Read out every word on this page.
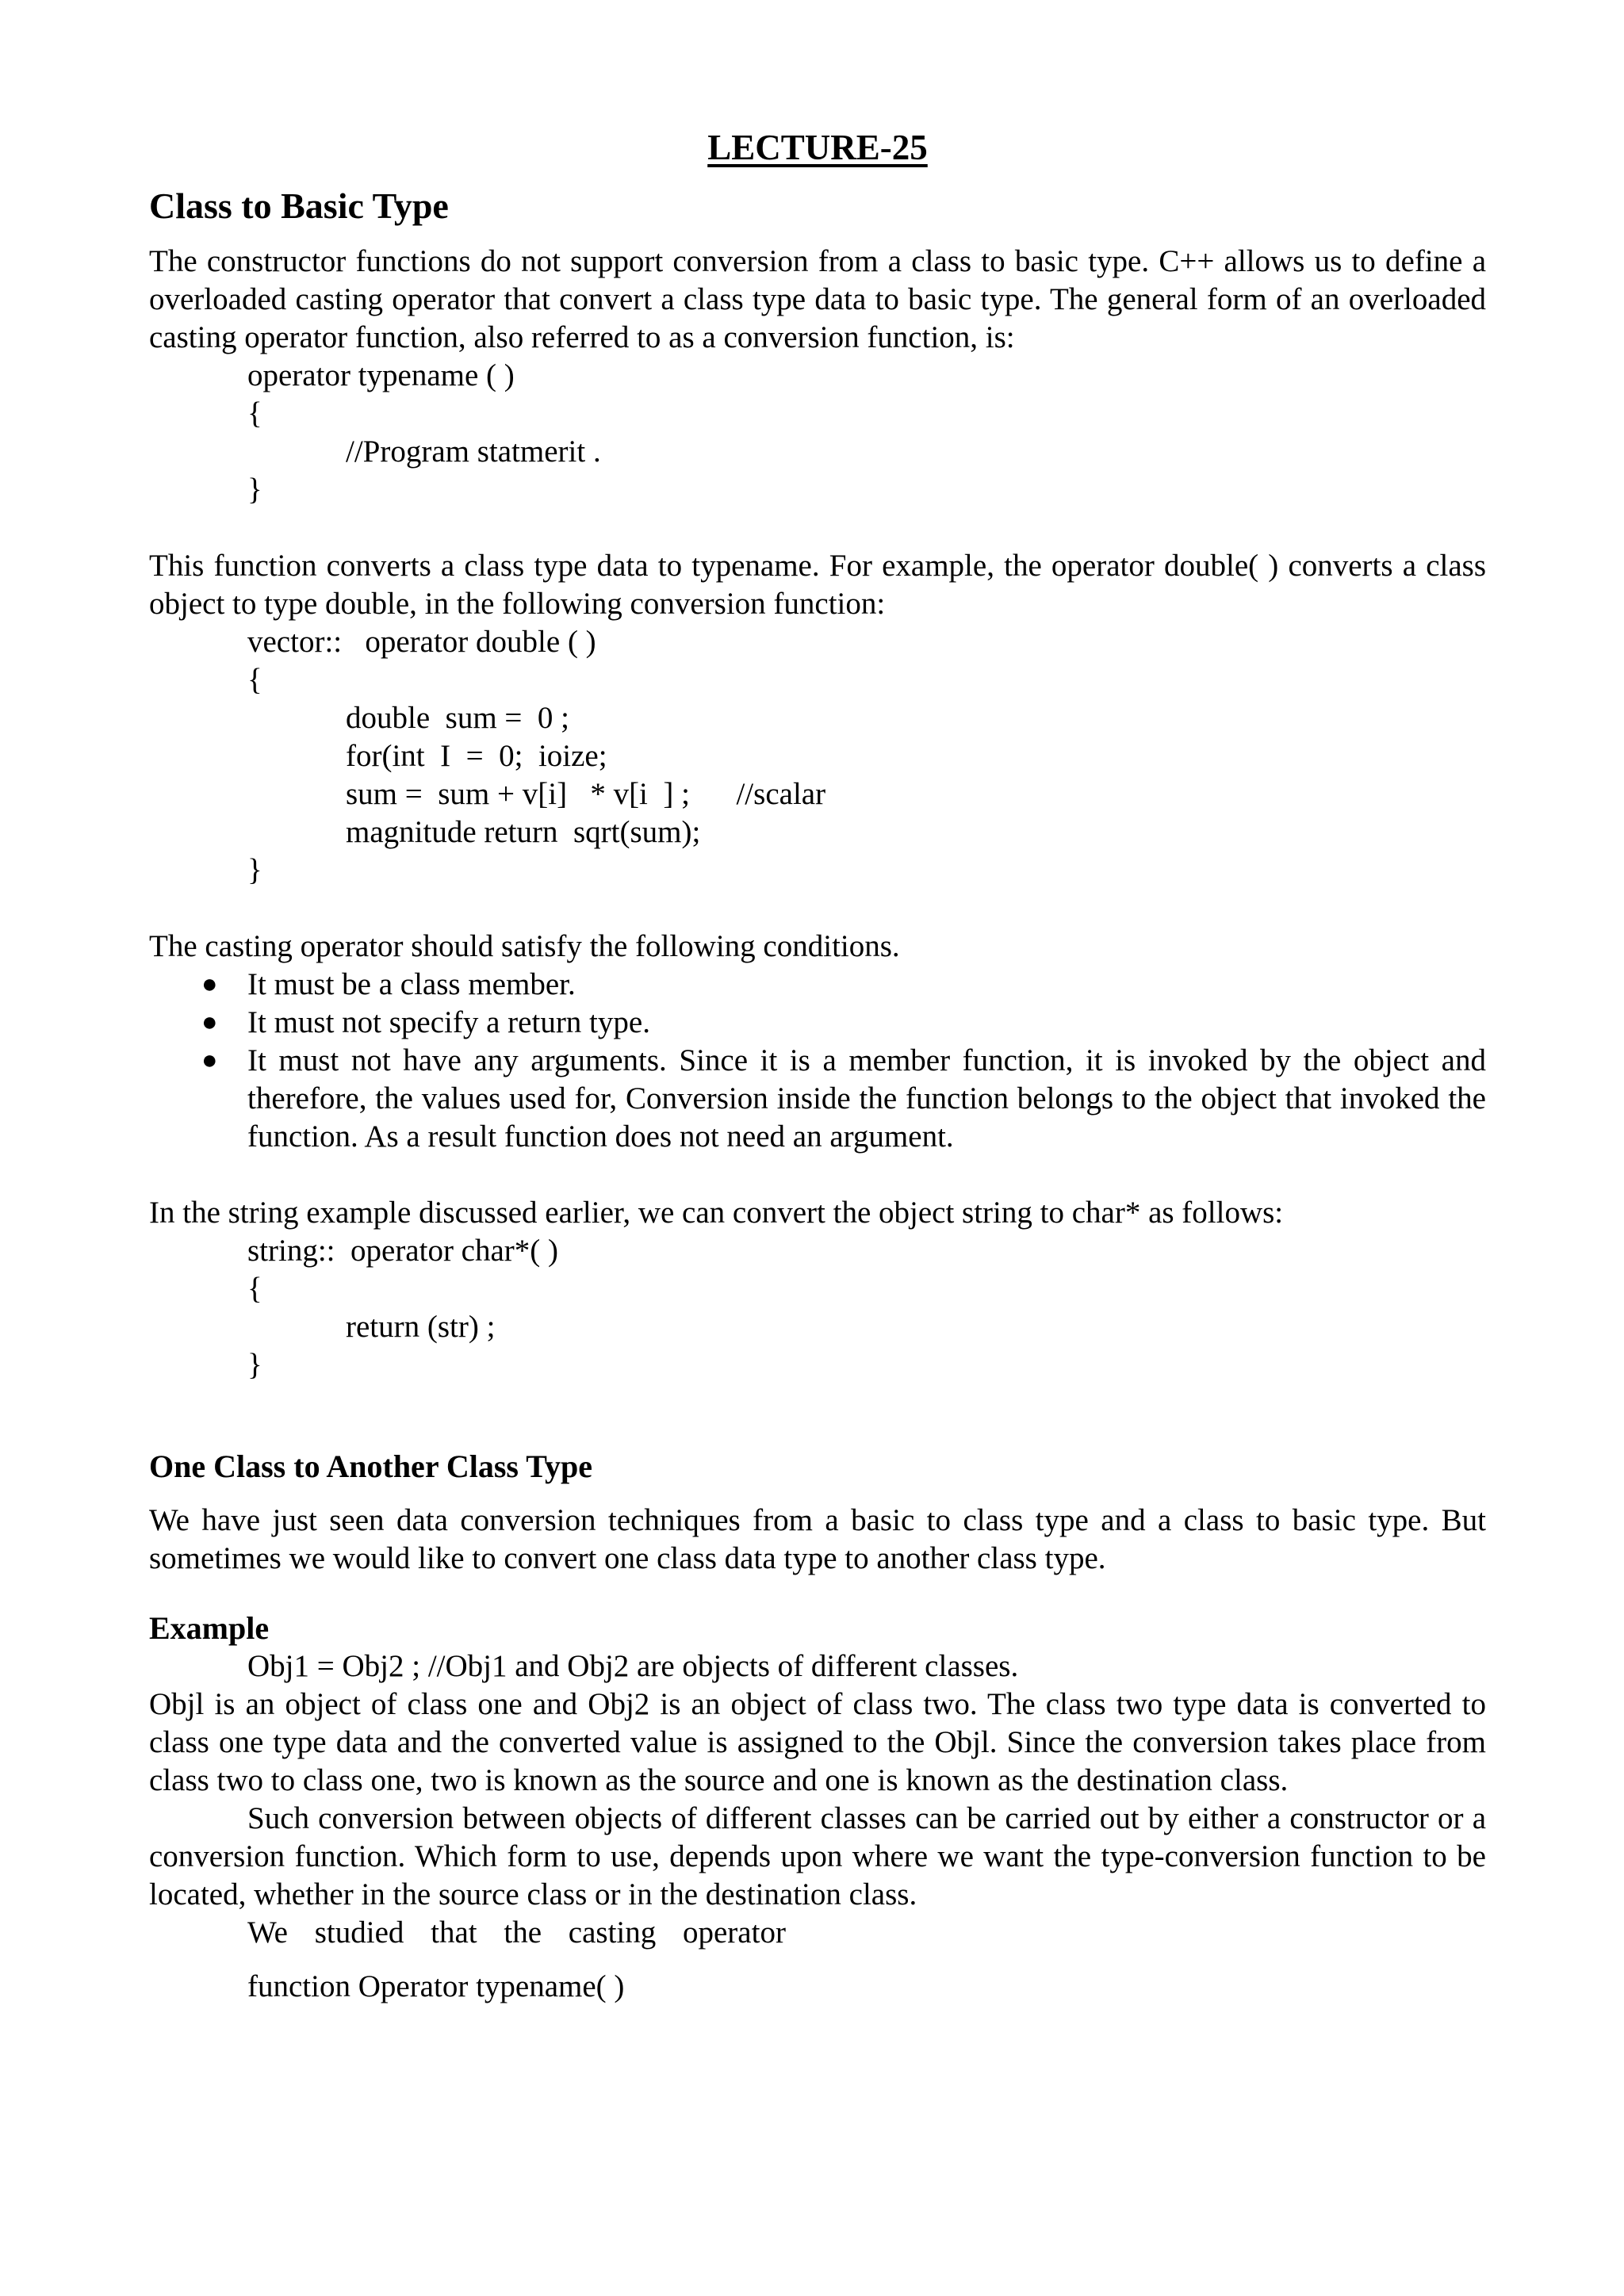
LECTURE-25
Class to Basic Type

The constructor functions do not support conversion from a class to basic type. C++ allows us to define a overloaded casting operator that convert a class type data to basic type. The general form of an overloaded casting operator function, also referred to as a conversion function, is:

operator typename ( )
{
//Program statmerit .
}

This function converts a class type data to typename. For example, the operator double( ) converts a class object to type double, in the following conversion function:

vector::   operator double ( )
{
double  sum =  0 ;
for(int  I  =  0;  ioize;
sum =  sum + v[i]   * v[i  ] ;      //scalar
magnitude return  sqrt(sum);
}

The casting operator should satisfy the following conditions.

● It must be a class member.
● It must not specify a return type.
● It must not have any arguments. Since it is a member function, it is invoked by the object and therefore, the values used for, Conversion inside the function belongs to the object that invoked the function. As a result function does not need an argument.

In the string example discussed earlier, we can convert the object string to char* as follows:

string::  operator char*( )
{
return (str) ;
}
One Class to Another Class Type

We have just seen data conversion techniques from a basic to class type and a class to basic type. But sometimes we would like to convert one class data type to another class type.

Example
Obj1 = Obj2 ; //Obj1 and Obj2 are objects of different classes.

Objl is an object of class one and Obj2 is an object of class two. The class two type data is converted to class one type data and the converted value is assigned to the Objl. Since the conversion takes place from class two to class one, two is known as the source and one is known as the destination class.

Such conversion between objects of different classes can be carried out by either a constructor or a conversion function. Which form to use, depends upon where we want the type-conversion function to be located, whether in the source class or in the destination class.

We studied that the casting operator
function Operator typename( )
